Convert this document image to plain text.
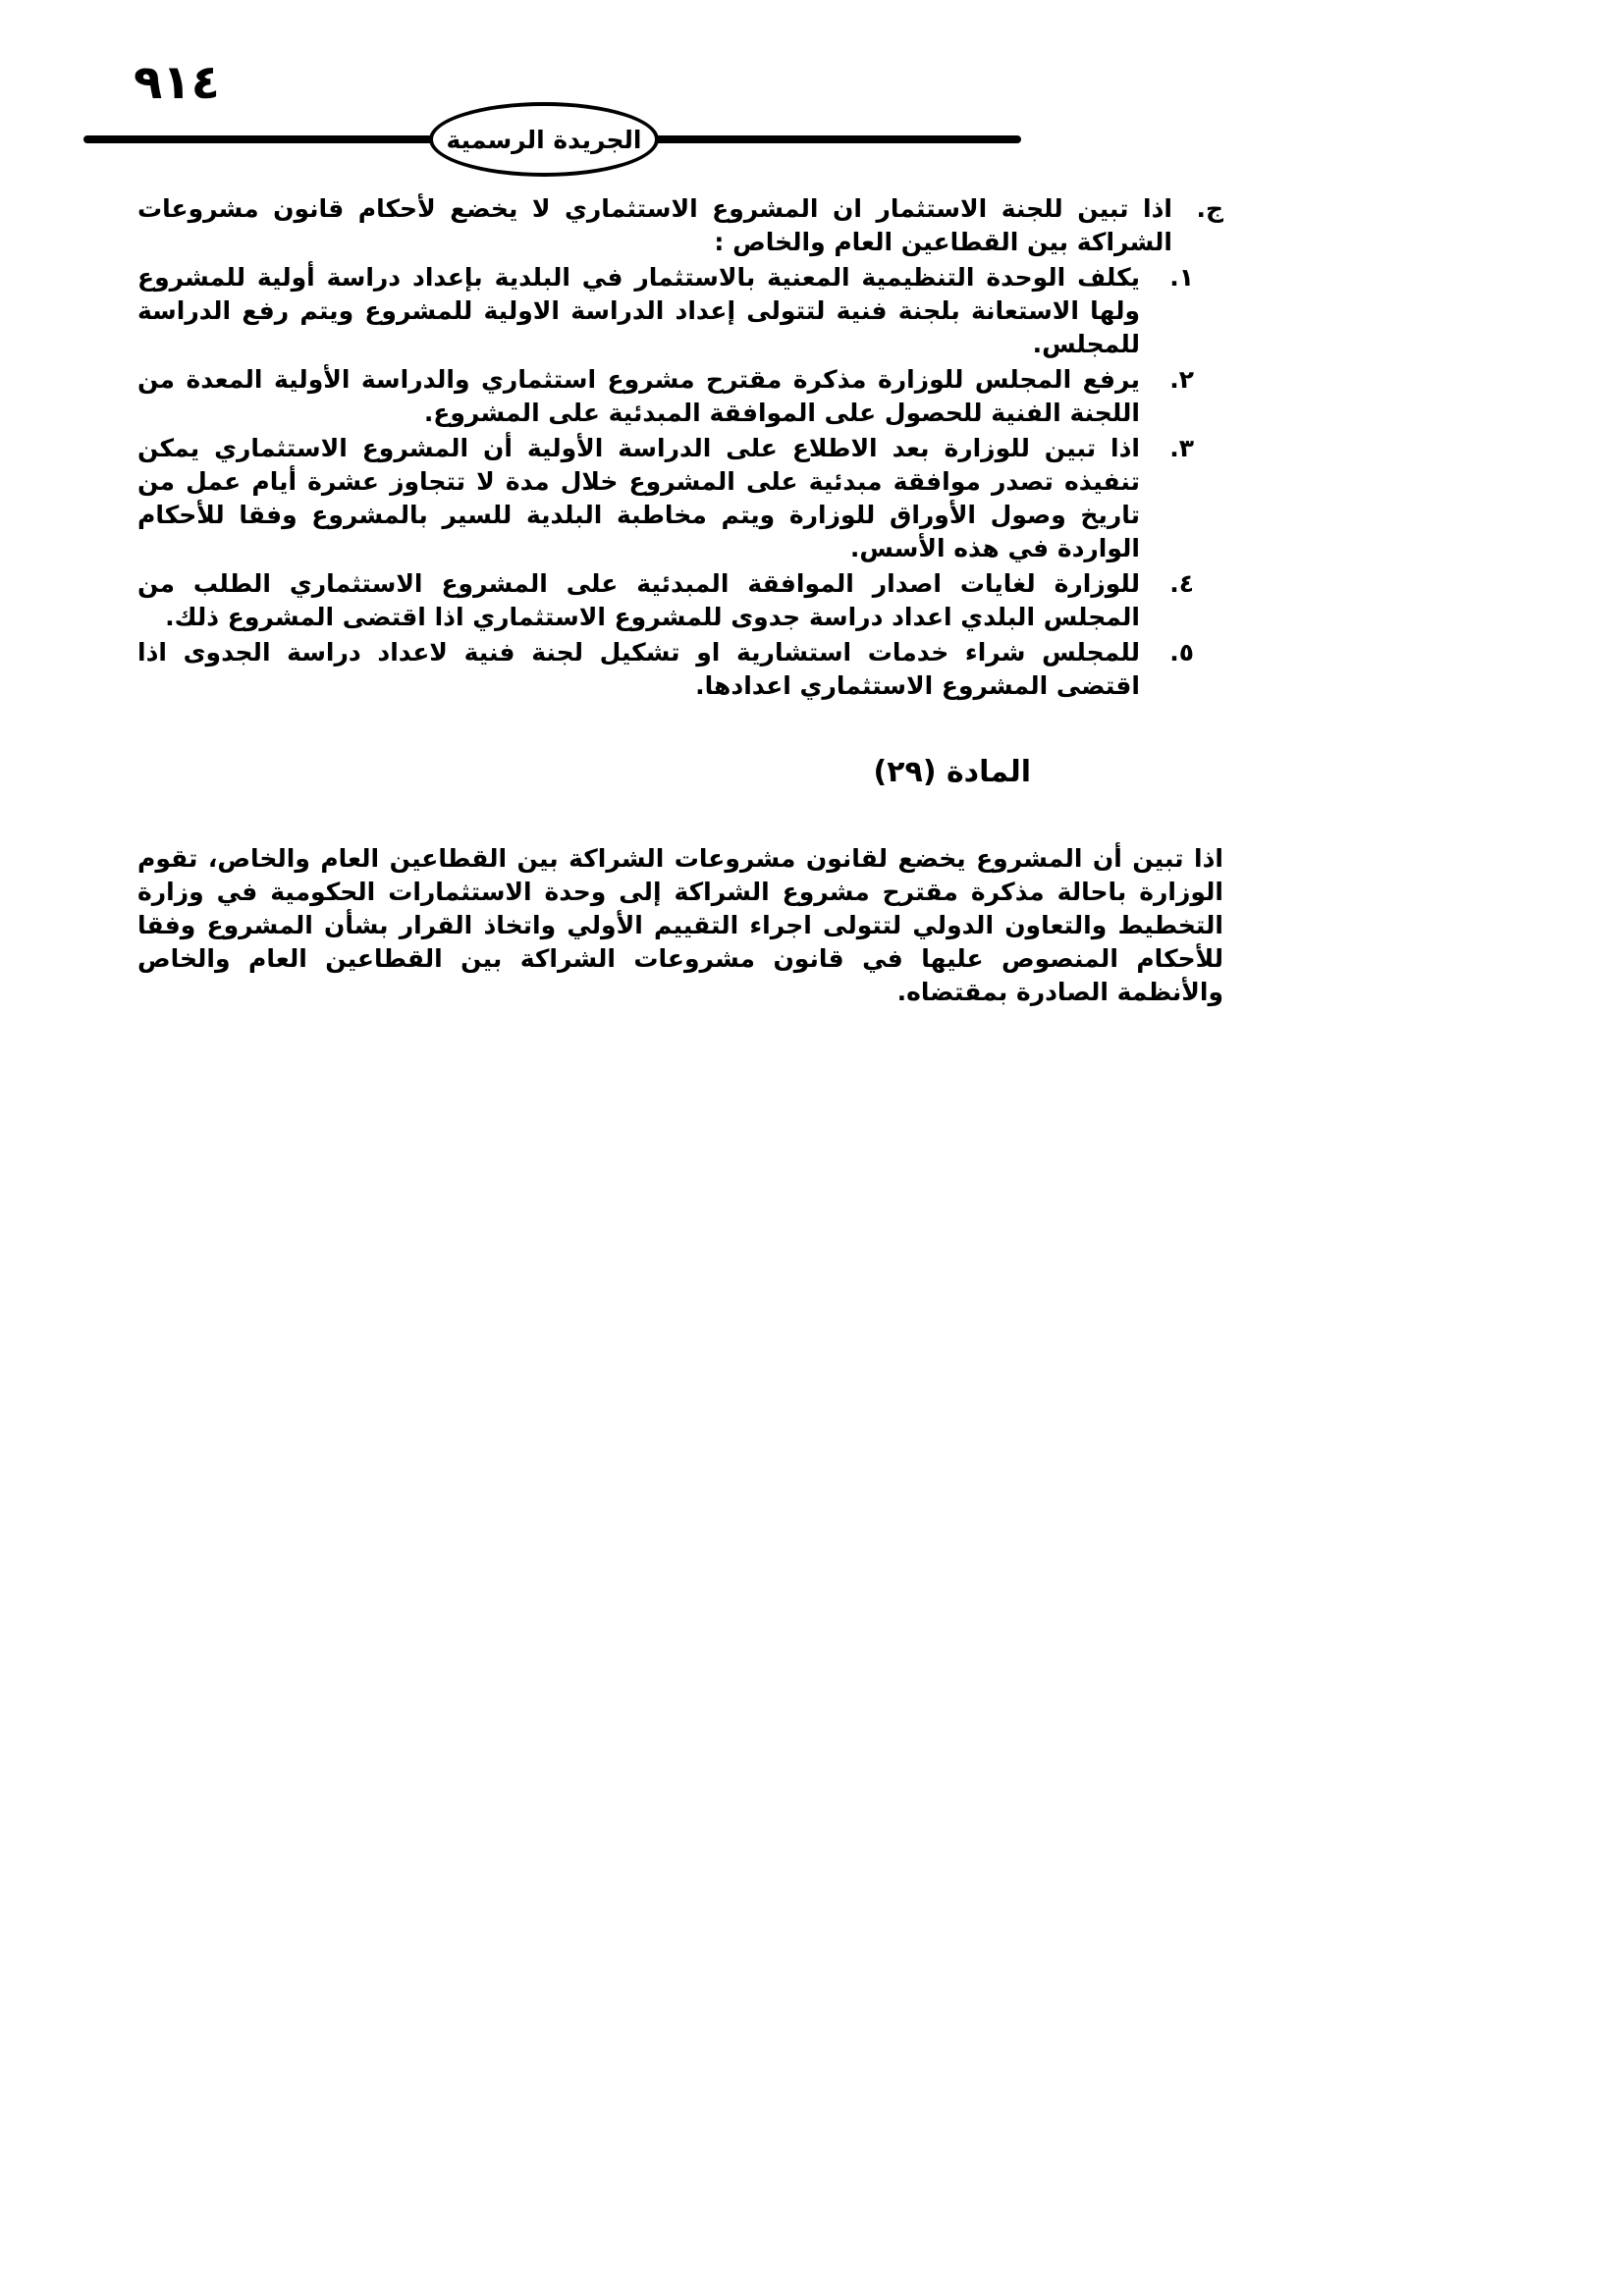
٩١٤
الجريدة الرسمية

ج.اذا تبين للجنة الاستثمار ان المشروع الاستثماري لا يخضع لأحكام قانون مشروعات الشراكة بين القطاعين العام والخاص :

١.يكلف الوحدة التنظيمية المعنية بالاستثمار في البلدية بإعداد دراسة أولية للمشروع ولها الاستعانة بلجنة فنية لتتولى إعداد الدراسة الاولية للمشروع ويتم رفع الدراسة للمجلس.
٢.يرفع المجلس للوزارة مذكرة مقترح مشروع استثماري والدراسة الأولية المعدة من اللجنة الفنية للحصول على الموافقة المبدئية على المشروع.
٣.اذا تبين للوزارة بعد الاطلاع على الدراسة الأولية أن المشروع الاستثماري يمكن تنفيذه تصدر موافقة مبدئية على المشروع خلال مدة لا تتجاوز عشرة أيام عمل من تاريخ وصول الأوراق للوزارة ويتم مخاطبة البلدية للسير بالمشروع وفقا للأحكام الواردة في هذه الأسس.
٤.للوزارة لغايات اصدار الموافقة المبدئية على المشروع الاستثماري الطلب من المجلس البلدي اعداد دراسة جدوى للمشروع الاستثماري اذا اقتضى المشروع ذلك.
٥.للمجلس شراء خدمات استشارية او تشكيل لجنة فنية لاعداد دراسة الجدوى اذا اقتضى المشروع الاستثماري اعدادها.
المادة (٢٩)

اذا تبين أن المشروع يخضع لقانون مشروعات الشراكة بين القطاعين العام والخاص، تقوم الوزارة باحالة مذكرة مقترح مشروع الشراكة إلى وحدة الاستثمارات الحكومية في وزارة التخطيط والتعاون الدولي لتتولى اجراء التقييم الأولي واتخاذ القرار بشأن المشروع وفقا للأحكام المنصوص عليها في قانون مشروعات الشراكة بين القطاعين العام والخاص والأنظمة الصادرة بمقتضاه.
